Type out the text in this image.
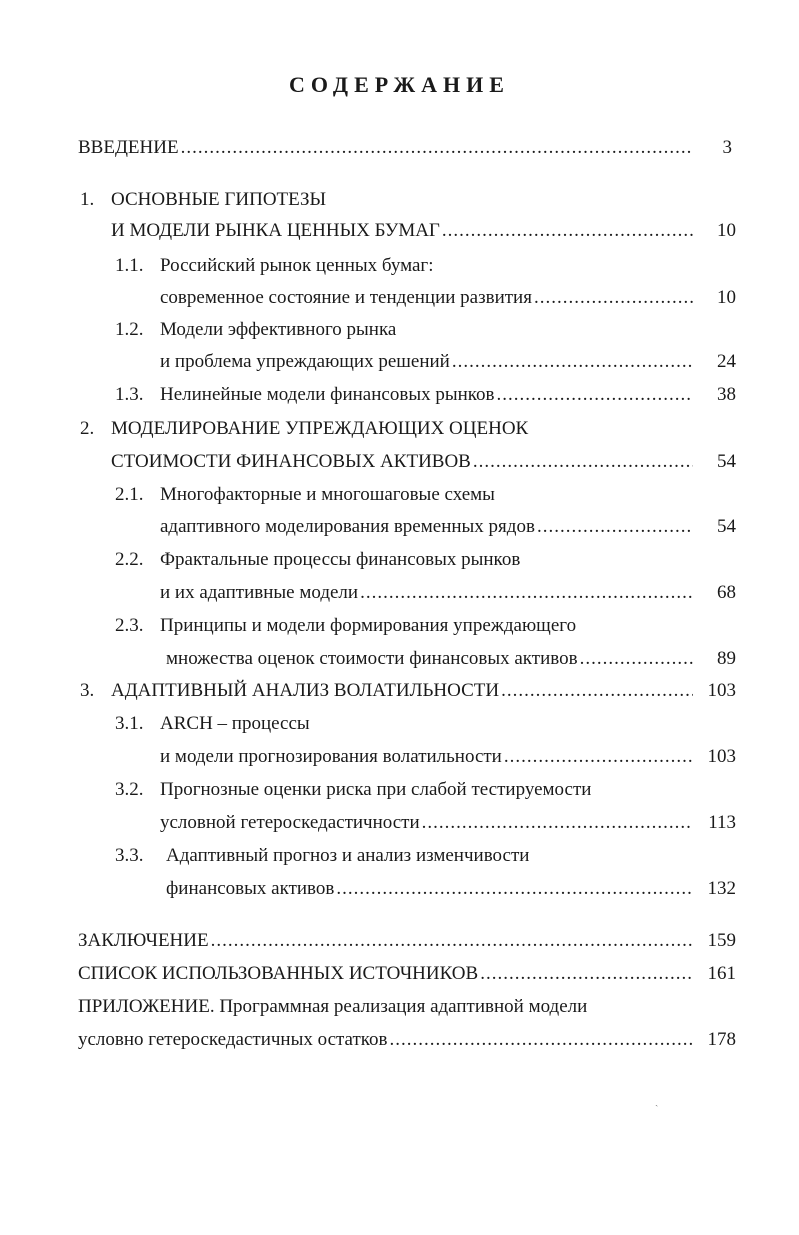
СОДЕРЖАНИЕ
ВВЕДЕНИЕ .....	3
1. ОСНОВНЫЕ ГИПОТЕЗЫ
И МОДЕЛИ РЫНКА ЦЕННЫХ БУМАГ .....	10
1.1. Российский рынок ценных бумаг:
современное состояние и тенденции развития .....	10
1.2. Модели эффективного рынка
и проблема упреждающих решений .....	24
1.3. Нелинейные модели финансовых рынков .....	38
2. МОДЕЛИРОВАНИЕ УПРЕЖДАЮЩИХ ОЦЕНОК
СТОИМОСТИ ФИНАНСОВЫХ АКТИВОВ .....	54
2.1. Многофакторные и многошаговые схемы
адаптивного моделирования временных рядов .....	54
2.2. Фрактальные процессы финансовых рынков
и их адаптивные модели .....	68
2.3. Принципы и модели формирования упреждающего
множества оценок стоимости финансовых активов .....	89
3. АДАПТИВНЫЙ АНАЛИЗ ВОЛАТИЛЬНОСТИ .....	103
3.1. ARCH – процессы
и модели прогнозирования волатильности .....	103
3.2. Прогнозные оценки риска при слабой тестируемости
условной гетероскедастичности .....	113
3.3. Адаптивный прогноз и анализ изменчивости
финансовых активов .....	132
ЗАКЛЮЧЕНИЕ .....	159
СПИСОК ИСПОЛЬЗОВАННЫХ ИСТОЧНИКОВ .....	161
ПРИЛОЖЕНИЕ. Программная реализация адаптивной модели
условно гетероскедастичных остатков .....	178
ˏ
